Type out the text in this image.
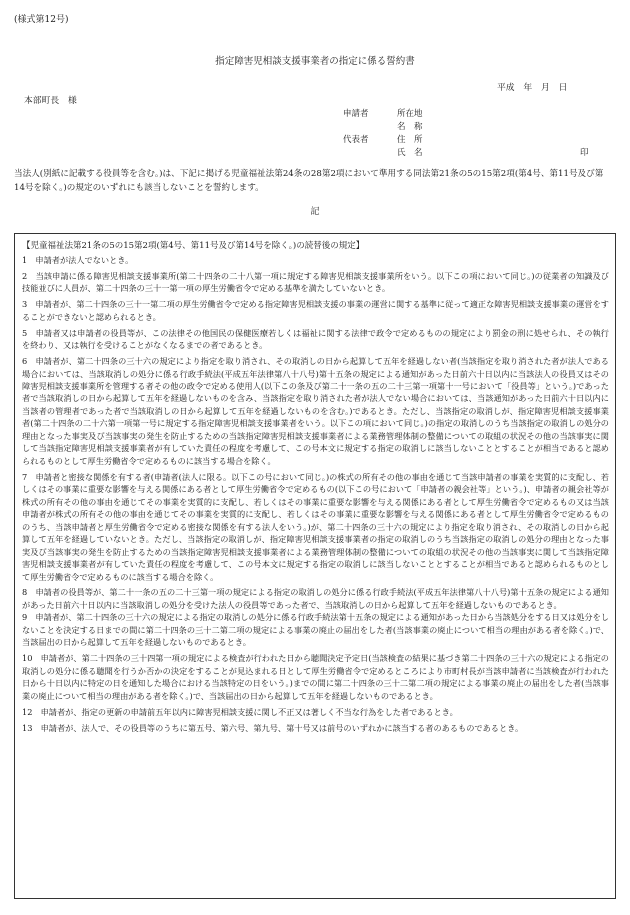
(様式第12号)
指定障害児相談支援事業者の指定に係る誓約書
平成　年　月　日
本部町長　様
申請者	所在地
名　称
代表者	住　所
氏　名	印
当法人(別紙に記載する役員等を含む。)は、下記に掲げる児童福祉法第24条の28第2項において準用する同法第21条の5の15第2項(第4号、第11号及び第14号を除く。)の規定のいずれにも該当しないことを誓約します。
記
【児童福祉法第21条の5の15第2項(第4号、第11号及び第14号を除く。)の読替後の規定】
1　申請者が法人でないとき。
2　当該申請に係る障害児相談支援事業所(第二十四条の二十八第一項に規定する障害児相談支援事業所をいう。以下この項において同じ。)の従業者の知識及び技能並びに人員が、第二十四条の三十一第一項の厚生労働省令で定める基準を満たしていないとき。
3　申請者が、第二十四条の三十一第二項の厚生労働省令で定める指定障害児相談支援の事業の運営に関する基準に従って適正な障害児相談支援事業の運営をすることができないと認められるとき。
5　申請者又は申請者の役員等が、この法律その他国民の保健医療若しくは福祉に関する法律で政令で定めるものの規定により罰金の刑に処せられ、その執行を終わり、又は執行を受けることがなくなるまでの者であるとき。
6　申請者が、第二十四条の三十六の規定により指定を取り消され、その取消しの日から起算して五年を経過しない者(当該指定を取り消された者が法人である場合においては、当該取消しの処分に係る行政手続法(平成五年法律第八十八号)第十五条の規定による通知があった日前六十日以内に当該法人の役員又はその障害児相談支援事業所を管理する者その他の政令で定める使用人(以下この条及び第二十一条の五の二十三第一項第十一号において「役員等」という。)であった者で当該取消しの日から起算して五年を経過しないものを含み、当該指定を取り消された者が法人でない場合においては、当該通知があった日前六十日以内に当該者の管理者であった者で当該取消しの日から起算して五年を経過しないものを含む。)であるとき。ただし、当該指定の取消しが、指定障害児相談支援事業者(第二十四条の二十六第一項第一号に規定する指定障害児相談支援事業者をいう。以下この項において同じ。)の指定の取消しのうち当該指定の取消しの処分の理由となった事実及び当該事実の発生を防止するための当該指定障害児相談支援事業者による業務管理体制の整備についての取組の状況その他の当該事実に関して当該指定障害児相談支援事業者が有していた責任の程度を考慮して、この号本文に規定する指定の取消しに該当しないこととすることが相当であると認められるものとして厚生労働省令で定めるものに該当する場合を除く。
7　申請者と密接な関係を有する者(申請者(法人に限る。以下この号において同じ。)の株式の所有その他の事由を通じて当該申請者の事業を実質的に支配し、若しくはその事業に重要な影響を与える関係にある者として厚生労働省令で定めるもの(以下この号において「申請者の親会社等」という。)、申請者の親会社等が株式の所有その他の事由を通じてその事業を実質的に支配し、若しくはその事業に重要な影響を与える関係にある者として厚生労働省令で定めるもの又は当該申請者が株式の所有その他の事由を通じてその事業を実質的に支配し、若しくはその事業に重要な影響を与える関係にある者として厚生労働省令で定めるもののうち、当該申請者と厚生労働省令で定める密接な関係を有する法人をいう。)が、第二十四条の三十六の規定により指定を取り消され、その取消しの日から起算して五年を経過していないとき。ただし、当該指定の取消しが、指定障害児相談支援事業者の指定の取消しのうち当該指定の取消しの処分の理由となった事実及び当該事実の発生を防止するための当該指定障害児相談支援事業者による業務管理体制の整備についての取組の状況その他の当該事実に関して当該指定障害児相談支援事業者が有していた責任の程度を考慮して、この号本文に規定する指定の取消しに該当しないこととすることが相当であると認められるものとして厚生労働省令で定めるものに該当する場合を除く。
8　申請者の役員等が、第二十一条の五の二十三第一項の規定による指定の取消しの処分に係る行政手続法(平成五年法律第八十八号)第十五条の規定による通知があった日前六十日以内に当該取消しの処分を受けた法人の役員等であった者で、当該取消しの日から起算して五年を経過しないものであるとき。
9　申請者が、第二十四条の三十六の規定による指定の取消しの処分に係る行政手続法第十五条の規定による通知があった日から当該処分をする日又は処分をしないことを決定する日までの間に第二十四条の三十二第二項の規定による事業の廃止の届出をした者(当該事業の廃止について相当の理由がある者を除く。)で、当該届出の日から起算して五年を経過しないものであるとき。
10　申請者が、第二十四条の三十四第一項の規定による検査が行われた日から聴聞決定予定日(当該検査の結果に基づき第二十四条の三十六の規定による指定の取消しの処分に係る聴聞を行うか否かの決定をすることが見込まれる日として厚生労働省令で定めるところにより市町村長が当該申請者に当該検査が行われた日から十日以内に特定の日を通知した場合における当該特定の日をいう。)までの間に第二十四条の三十二第二項の規定による事業の廃止の届出をした者(当該事業の廃止について相当の理由がある者を除く。)で、当該届出の日から起算して五年を経過しないものであるとき。
12　申請者が、指定の更新の申請前五年以内に障害児相談支援に関し不正又は著しく不当な行為をした者であるとき。
13　申請者が、法人で、その役員等のうちに第五号、第六号、第九号、第十号又は前号のいずれかに該当する者のあるものであるとき。
